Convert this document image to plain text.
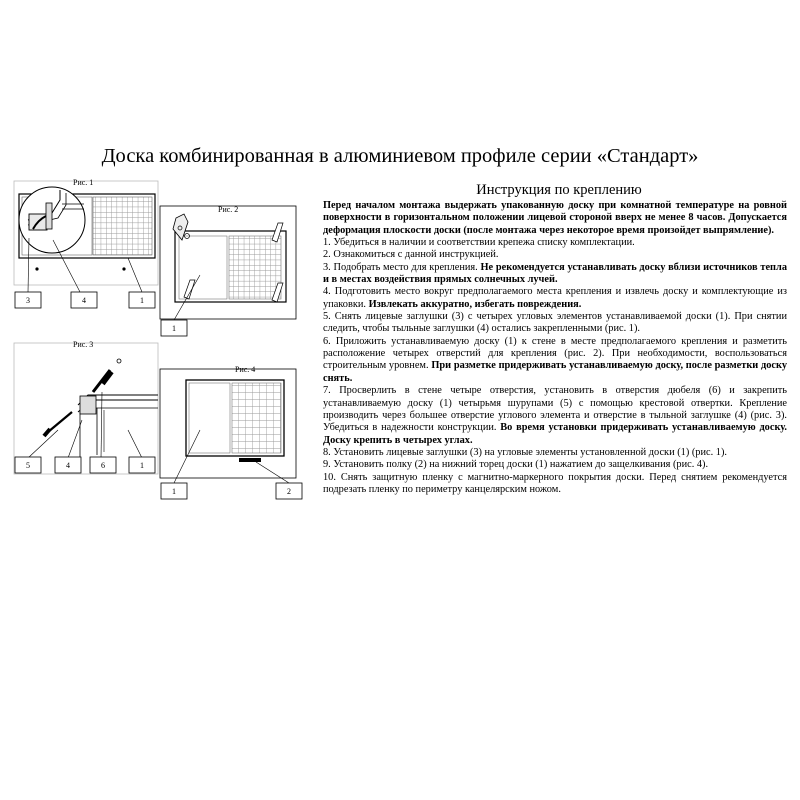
Доска комбинированная в алюминиевом профиле серии «Стандарт»
Рис. 1
3	4	1
Рис. 2
1
Рис. 3
5	4	6	1
Рис. 4
1	2
Инструкция по креплению

Перед началом монтажа выдержать упакованную доску при комнатной температуре на ровной поверхности в горизонтальном положении лицевой стороной вверх не менее 8 часов. Допускается деформация плоскости доски (после монтажа через некоторое время произойдет выпрямление).

1. Убедиться в наличии и соответствии крепежа списку комплектации.

2. Ознакомиться с данной инструкцией.

3. Подобрать место для крепления. Не рекомендуется устанавливать доску вблизи источников тепла и в местах воздействия прямых солнечных лучей.

4. Подготовить место вокруг предполагаемого места крепления и извлечь доску и комплектующие из упаковки. Извлекать аккуратно, избегать повреждения.

5. Снять лицевые заглушки (3) с четырех угловых элементов устанавливаемой доски (1). При снятии следить, чтобы тыльные заглушки (4) остались закрепленными (рис. 1).

6. Приложить устанавливаемую доску (1) к стене в месте предполагаемого крепления и разметить расположение четырех отверстий для крепления (рис. 2). При необходимости, воспользоваться строительным уровнем. При разметке придерживать устанавливаемую доску, после разметки доску снять.

7. Просверлить в стене четыре отверстия, установить в отверстия дюбеля (6) и закрепить устанавливаемую доску (1) четырьмя шурупами (5) с помощью крестовой отвертки. Крепление производить через большее отверстие углового элемента и отверстие в тыльной заглушке (4) (рис. 3). Убедиться в надежности конструкции. Во время установки придерживать устанавливаемую доску. Доску крепить в четырех углах.

8. Установить лицевые заглушки (3) на угловые элементы установленной доски (1) (рис. 1).

9. Установить полку (2) на нижний торец доски (1) нажатием до защелкивания (рис. 4).

10. Снять защитную пленку с магнитно-маркерного покрытия доски. Перед снятием рекомендуется подрезать пленку по периметру канцелярским ножом.
